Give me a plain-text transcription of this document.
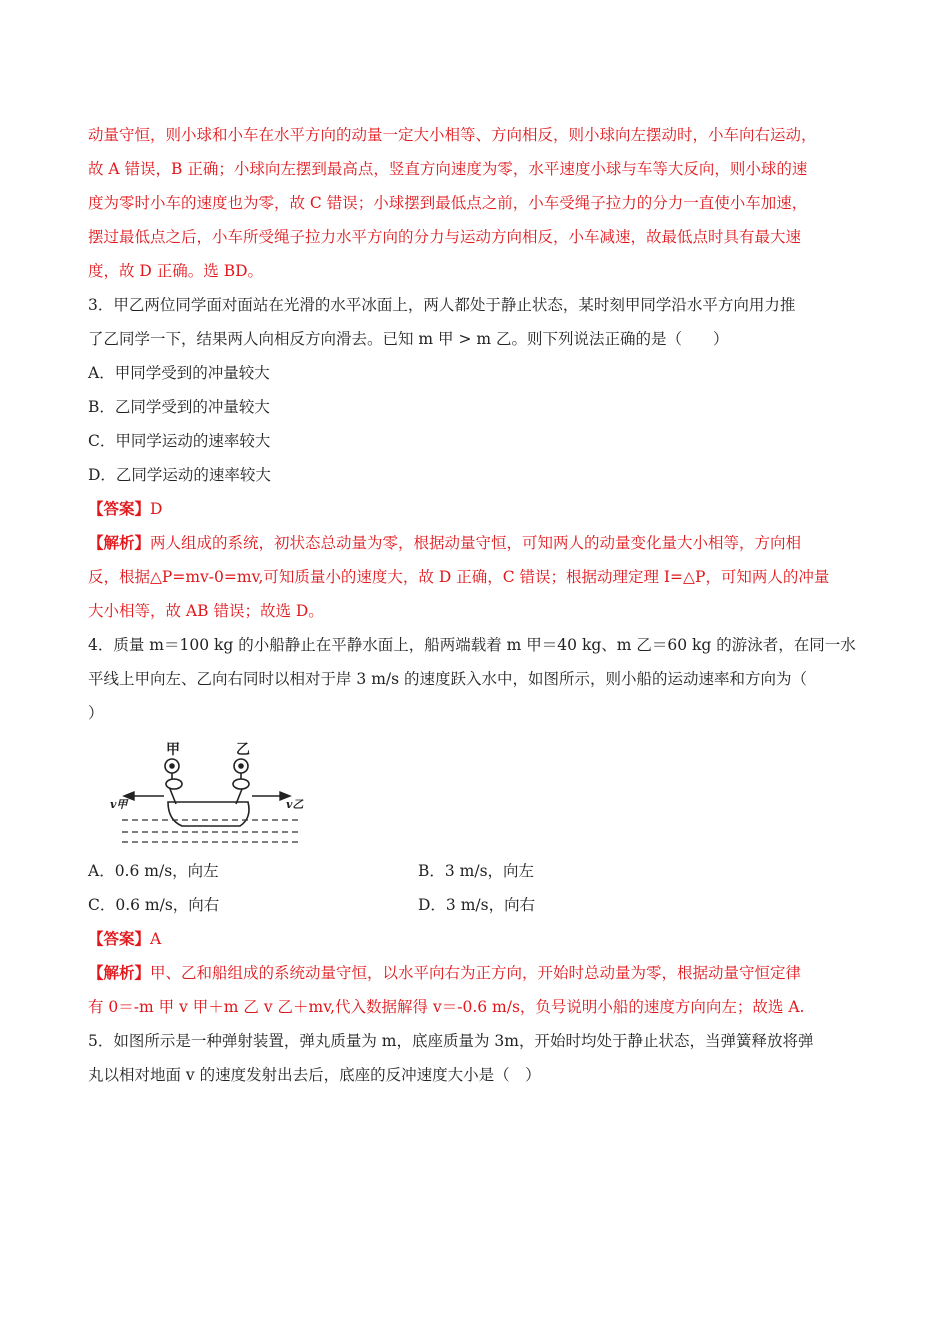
动量守恒，则小球和小车在水平方向的动量一定大小相等、方向相反，则小球向左摆动时，小车向右运动，
故 A 错误，B 正确；小球向左摆到最高点，竖直方向速度为零，水平速度小球与车等大反向，则小球的速
度为零时小车的速度也为零，故 C 错误；小球摆到最低点之前，小车受绳子拉力的分力一直使小车加速，
摆过最低点之后，小车所受绳子拉力水平方向的分力与运动方向相反，小车减速，故最低点时具有最大速
度，故 D 正确。选 BD。
3．甲乙两位同学面对面站在光滑的水平冰面上，两人都处于静止状态，某时刻甲同学沿水平方向用力推
了乙同学一下，结果两人向相反方向滑去。已知 m 甲 > m 乙。则下列说法正确的是（　　）
A．甲同学受到的冲量较大
B．乙同学受到的冲量较大
C．甲同学运动的速率较大
D．乙同学运动的速率较大
【答案】D
【解析】两人组成的系统，初状态总动量为零，根据动量守恒，可知两人的动量变化量大小相等，方向相
反，根据△P=mv-0=mv,可知质量小的速度大，故 D 正确，C 错误；根据动理定理 I=△P，可知两人的冲量
大小相等，故 AB 错误；故选 D。
4．质量 m＝100 kg 的小船静止在平静水面上，船两端载着 m 甲＝40 kg、m 乙＝60 kg 的游泳者，在同一水
平线上甲向左、乙向右同时以相对于岸 3 m/s 的速度跃入水中，如图所示，则小船的运动速率和方向为（
）
甲	乙
v甲	v乙
A．0.6 m/s，向左	B．3 m/s，向左
C．0.6 m/s，向右	D．3 m/s，向右
【答案】A
【解析】甲、乙和船组成的系统动量守恒，以水平向右为正方向，开始时总动量为零，根据动量守恒定律
有 0＝-m 甲 v 甲＋m 乙 v 乙＋mv,代入数据解得 v＝-0.6 m/s，负号说明小船的速度方向向左；故选 A.
5．如图所示是一种弹射装置，弹丸质量为 m，底座质量为 3m，开始时均处于静止状态，当弹簧释放将弹
丸以相对地面 v 的速度发射出去后，底座的反冲速度大小是（　）
